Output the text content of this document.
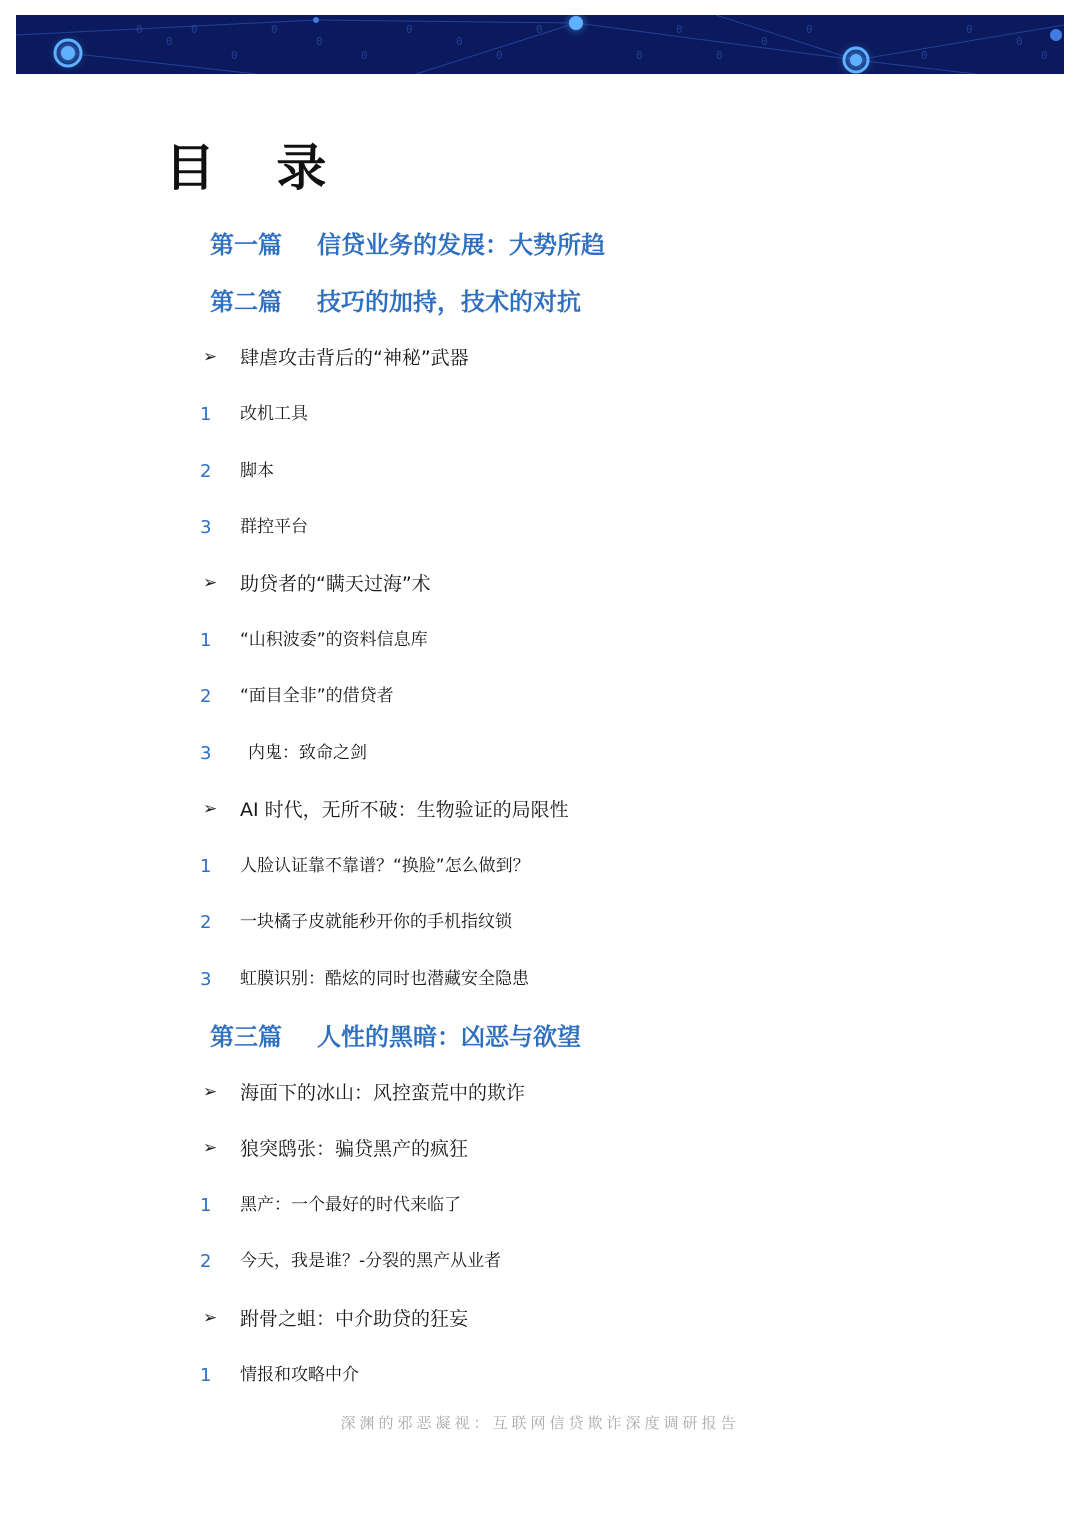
0
0
0
0
0
0
0
0
0
0
0
0
0
0
0
0
0
0
0
0
目 录
第一篇 信贷业务的发展：大势所趋
第二篇 技巧的加持，技术的对抗
➢ 肆虐攻击背后的“神秘”武器
1 改机工具
2 脚本
3 群控平台
➢ 助贷者的“瞒天过海”术
1 “山积波委”的资料信息库
2 “面目全非”的借贷者
3 内鬼：致命之剑
➢ AI 时代，无所不破：生物验证的局限性
1 人脸认证靠不靠谱？“换脸”怎么做到？
2 一块橘子皮就能秒开你的手机指纹锁
3 虹膜识别：酷炫的同时也潜藏安全隐患
第三篇 人性的黑暗：凶恶与欲望
➢ 海面下的冰山：风控蛮荒中的欺诈
➢ 狼突鸱张：骗贷黑产的疯狂
1 黑产：一个最好的时代来临了
2 今天，我是谁？-分裂的黑产从业者
➢ 跗骨之蛆：中介助贷的狂妄
1 情报和攻略中介
深渊的邪恶凝视：互联网信贷欺诈深度调研报告
